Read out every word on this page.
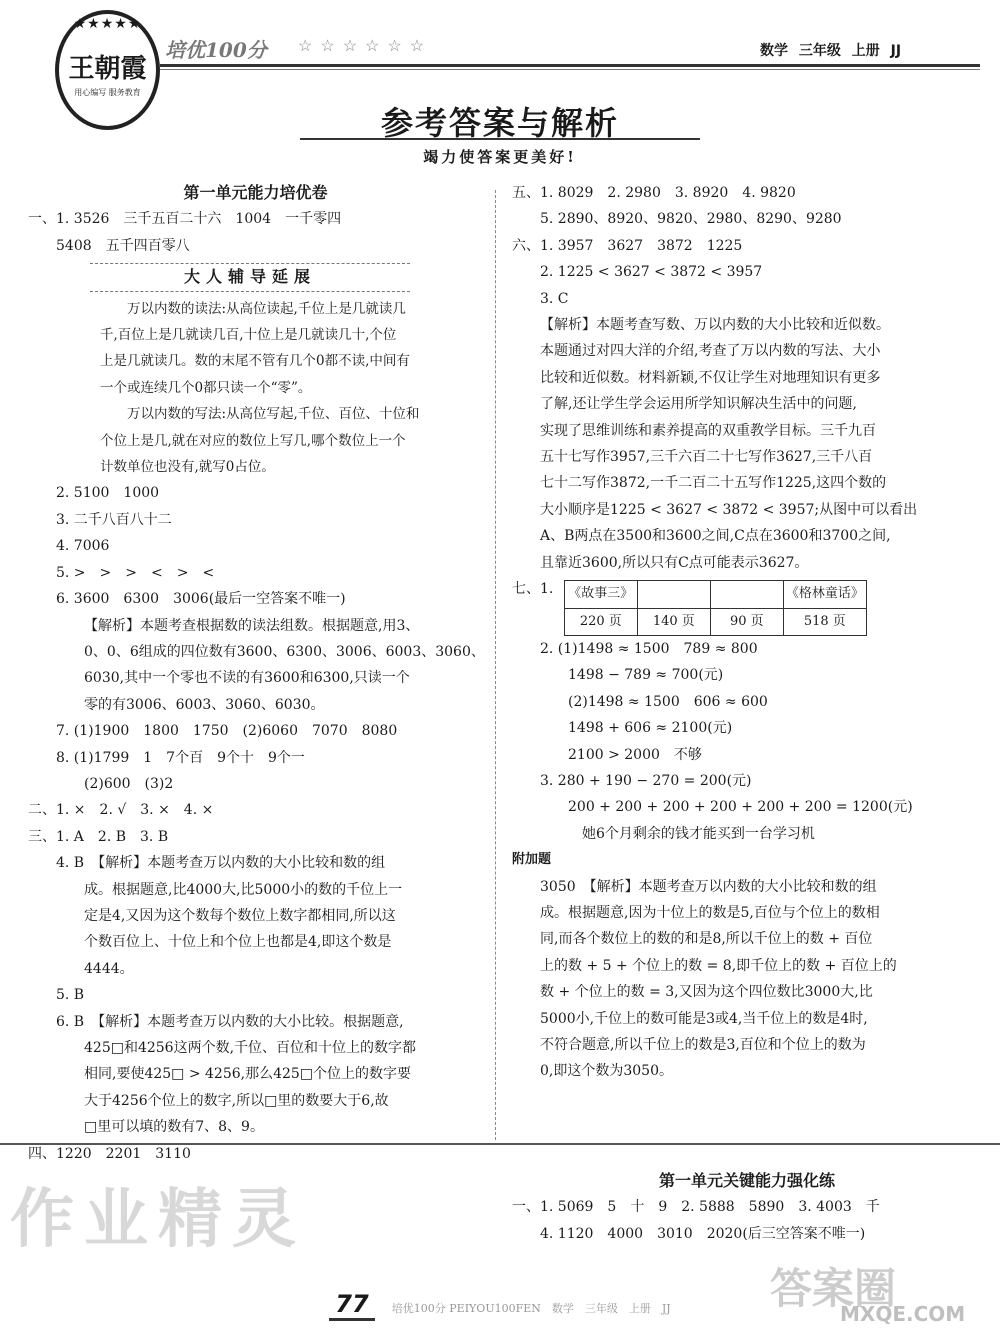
★★★★★
王朝霞
用心编写 服务教育
培优100分 ☆☆☆☆☆☆	数学 三年级 上册 JJ
参考答案与解析
竭力使答案更美好!
第一单元能力培优卷
一、1. 3526　三千五百二十六　1004　一千零四
5408　五千四百零八
大人辅导延展
万以内数的读法:从高位读起,千位上是几就读几
千,百位上是几就读几百,十位上是几就读几十,个位
上是几就读几。数的末尾不管有几个0都不读,中间有
一个或连续几个0都只读一个“零”。
万以内数的写法:从高位写起,千位、百位、十位和
个位上是几,就在对应的数位上写几,哪个数位上一个
计数单位也没有,就写0占位。
2. 5100　1000
3. 二千八百八十二
4. 7006
5. >　>　>　<　>　<
6. 3600　6300　3006(最后一空答案不唯一)
【解析】本题考查根据数的读法组数。根据题意,用3、
0、0、6组成的四位数有3600、6300、3006、6003、3060、
6030,其中一个零也不读的有3600和6300,只读一个
零的有3006、6003、3060、6030。
7. (1)1900　1800　1750　(2)6060　7070　8080
8. (1)1799　1　7个百　9个十　9个一
(2)600　(3)2
二、1. ×　2. √　3. ×　4. ×
三、1. A　2. B　3. B
4. B　【解析】本题考查万以内数的大小比较和数的组
成。根据题意,比4000大,比5000小的数的千位上一
定是4,又因为这个数每个数位上数字都相同,所以这
个数百位上、十位上和个位上也都是4,即这个数是
4444。
5. B
6. B　【解析】本题考查万以内数的大小比较。根据题意,
425□和4256这两个数,千位、百位和十位上的数字都
相同,要使425□ > 4256,那么425□个位上的数字要
大于4256个位上的数字,所以□里的数要大于6,故
□里可以填的数有7、8、9。
四、1220　2201　3110
五、1. 8029　2. 2980　3. 8920　4. 9820
5. 2890、8920、9820、2980、8290、9280
六、1. 3957　3627　3872　1225
2. 1225 < 3627 < 3872 < 3957
3. C
【解析】本题考查写数、万以内数的大小比较和近似数。
本题通过对四大洋的介绍,考查了万以内数的写法、大小
比较和近似数。材料新颖,不仅让学生对地理知识有更多
了解,还让学生学会运用所学知识解决生活中的问题,
实现了思维训练和素养提高的双重教学目标。三千九百
五十七写作3957,三千六百二十七写作3627,三千八百
七十二写作3872,一千二百二十五写作1225,这四个数的
大小顺序是1225 < 3627 < 3872 < 3957;从图中可以看出
A、B两点在3500和3600之间,C点在3600和3700之间,
且靠近3600,所以只有C点可能表示3627。
七、1. 《故事三》			《格林童话》
220 页	140 页	90 页	518 页
2. (1)1498 ≈ 1500　789 ≈ 800
1498 − 789 ≈ 700(元)
(2)1498 ≈ 1500　606 ≈ 600
1498 + 606 ≈ 2100(元)
2100 > 2000　不够
3. 280 + 190 − 270 = 200(元)
200 + 200 + 200 + 200 + 200 + 200 = 1200(元)
她6个月剩余的钱才能买到一台学习机
附加题
3050　【解析】本题考查万以内数的大小比较和数的组
成。根据题意,因为十位上的数是5,百位与个位上的数相
同,而各个数位上的数的和是8,所以千位上的数 + 百位
上的数 + 5 + 个位上的数 = 8,即千位上的数 + 百位上的
数 + 个位上的数 = 3,又因为这个四位数比3000大,比
5000小,千位上的数可能是3或4,当千位上的数是4时,
不符合题意,所以千位上的数是3,百位和个位上的数为
0,即这个数为3050。
第一单元关键能力强化练
一、1. 5069　5　十　9　2. 5888　5890　3. 4003　千
4. 1120　4000　3010　2020(后三空答案不唯一)
作业精灵
答案圈
MXQE.COM
77 培优100分 PEIYOU100FEN　数学　三年级　上册　JJ
